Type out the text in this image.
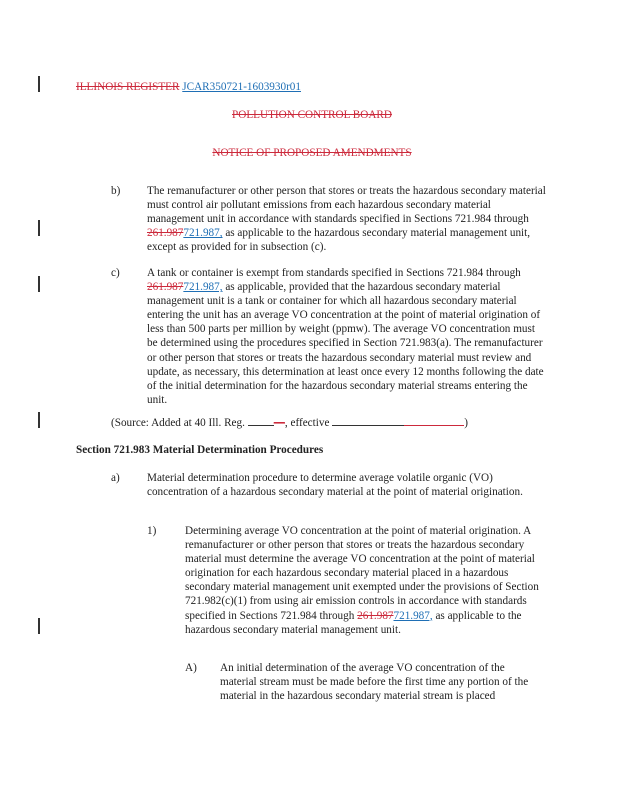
ILLINOIS REGISTER JCAR350721-1603930r01
POLLUTION CONTROL BOARD
NOTICE OF PROPOSED AMENDMENTS
b) The remanufacturer or other person that stores or treats the hazardous secondary material must control air pollutant emissions from each hazardous secondary material management unit in accordance with standards specified in Sections 721.984 through 261.987721.987, as applicable to the hazardous secondary material management unit, except as provided for in subsection (c).

c) A tank or container is exempt from standards specified in Sections 721.984 through 261.987721.987, as applicable, provided that the hazardous secondary material management unit is a tank or container for which all hazardous secondary material entering the unit has an average VO concentration at the point of material origination of less than 500 parts per million by weight (ppmw). The average VO concentration must be determined using the procedures specified in Section 721.983(a). The remanufacturer or other person that stores or treats the hazardous secondary material must review and update, as necessary, this determination at least once every 12 months following the date of the initial determination for the hazardous secondary material streams entering the unit.

(Source: Added at 40 Ill. Reg.	—, effective	)

Section 721.983 Material Determination Procedures
a) Material determination procedure to determine average volatile organic (VO) concentration of a hazardous secondary material at the point of material origination.

1)	Determining average VO concentration at the point of material origination. A remanufacturer or other person that stores or treats the hazardous secondary material must determine the average VO concentration at the point of material origination for each hazardous secondary material placed in a hazardous secondary material management unit exempted under the provisions of Section 721.982(c)(1) from using air emission controls in accordance with standards specified in Sections 721.984 through 261.987721.987, as applicable to the hazardous secondary material management unit.

A) An initial determination of the average VO concentration of the material stream must be made before the first time any portion of the material in the hazardous secondary material stream is placed
